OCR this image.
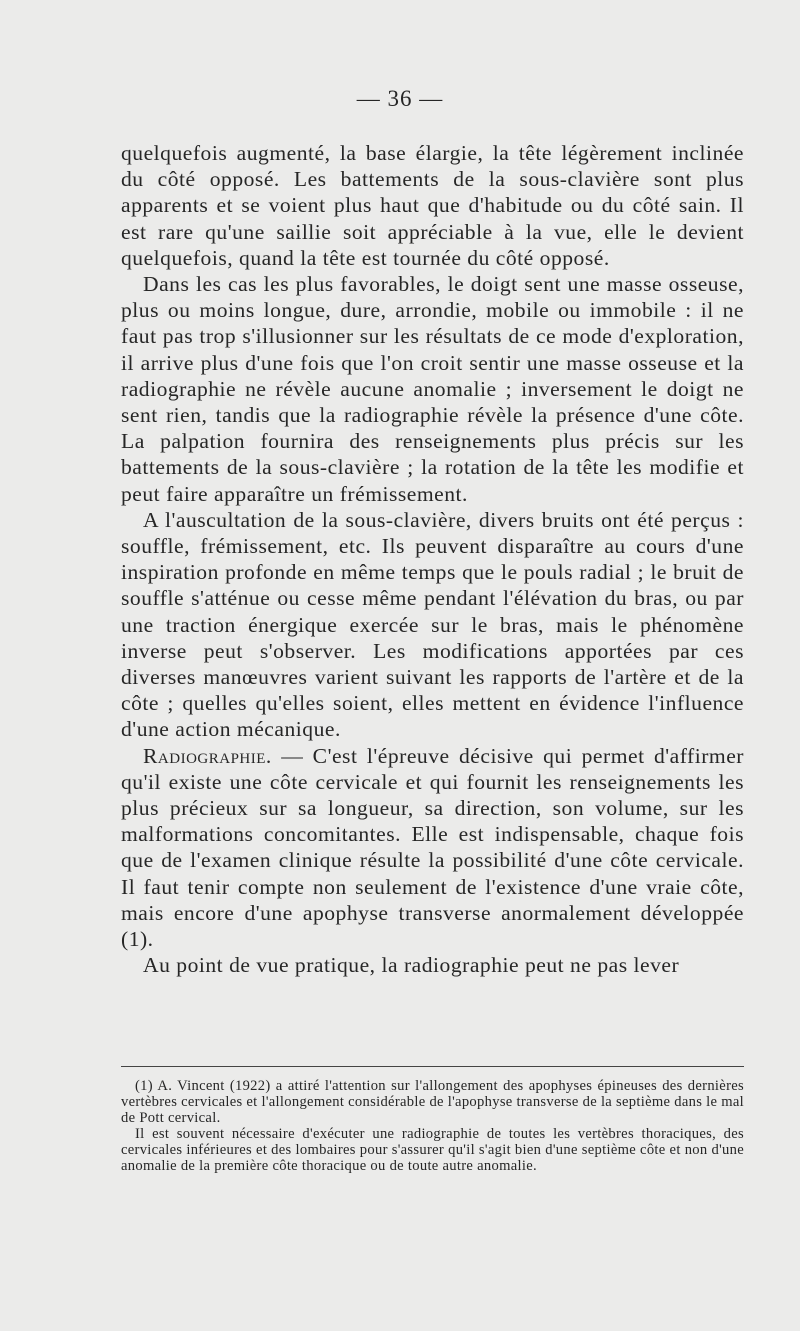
— 36 —

quelquefois augmenté, la base élargie, la tête légèrement inclinée du côté opposé. Les battements de la sous-clavière sont plus apparents et se voient plus haut que d'habitude ou du côté sain. Il est rare qu'une saillie soit appréciable à la vue, elle le devient quelquefois, quand la tête est tournée du côté opposé.

Dans les cas les plus favorables, le doigt sent une masse osseuse, plus ou moins longue, dure, arrondie, mobile ou immobile : il ne faut pas trop s'illusionner sur les résultats de ce mode d'exploration, il arrive plus d'une fois que l'on croit sentir une masse osseuse et la radiographie ne révèle aucune anomalie ; inversement le doigt ne sent rien, tandis que la radiographie révèle la présence d'une côte. La palpation fournira des renseignements plus précis sur les battements de la sous-clavière ; la rotation de la tête les modifie et peut faire apparaître un frémissement.

A l'auscultation de la sous-clavière, divers bruits ont été perçus : souffle, frémissement, etc. Ils peuvent disparaître au cours d'une inspiration profonde en même temps que le pouls radial ; le bruit de souffle s'atténue ou cesse même pendant l'élévation du bras, ou par une traction énergique exercée sur le bras, mais le phénomène inverse peut s'observer. Les modifications apportées par ces diverses manœuvres varient suivant les rapports de l'artère et de la côte ; quelles qu'elles soient, elles mettent en évidence l'influence d'une action mécanique.

Radiographie. — C'est l'épreuve décisive qui permet d'affirmer qu'il existe une côte cervicale et qui fournit les renseignements les plus précieux sur sa longueur, sa direction, son volume, sur les malformations concomitantes. Elle est indispensable, chaque fois que de l'examen clinique résulte la possibilité d'une côte cervicale. Il faut tenir compte non seulement de l'existence d'une vraie côte, mais encore d'une apophyse transverse anormalement développée (1).

Au point de vue pratique, la radiographie peut ne pas lever

(1) A. Vincent (1922) a attiré l'attention sur l'allongement des apophyses épineuses des dernières vertèbres cervicales et l'allongement considérable de l'apophyse transverse de la septième dans le mal de Pott cervical.

Il est souvent nécessaire d'exécuter une radiographie de toutes les vertèbres thoraciques, des cervicales inférieures et des lombaires pour s'assurer qu'il s'agit bien d'une septième côte et non d'une anomalie de la première côte thoracique ou de toute autre anomalie.
